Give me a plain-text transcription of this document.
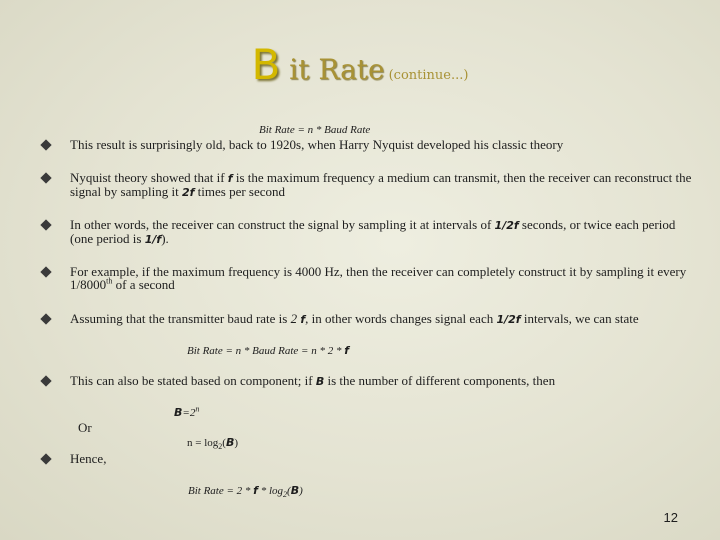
B it Rate (continue...)
Bit Rate = n * Baud Rate
This result is surprisingly old, back to 1920s, when Harry Nyquist developed his classic theory
Nyquist theory showed that if f is the maximum frequency a medium can transmit, then the receiver can reconstruct the signal by sampling it 2f times per second
In other words, the receiver can construct the signal by sampling it at intervals of 1/2f seconds, or twice each period (one period is 1/f).
For example, if the maximum frequency is 4000 Hz, then the receiver can completely construct it by sampling it every 1/8000th of a second
Assuming that the transmitter baud rate is 2 f, in other words changes signal each 1/2f intervals, we can state
Bit Rate = n * Baud Rate = n * 2 * f
This can also be stated based on component; if B is the number of different components, then
$B=2^n$
Or
$n = \log_2(B)$
Hence,
Bit Rate = 2 * f * $\log_2(B)$
12
